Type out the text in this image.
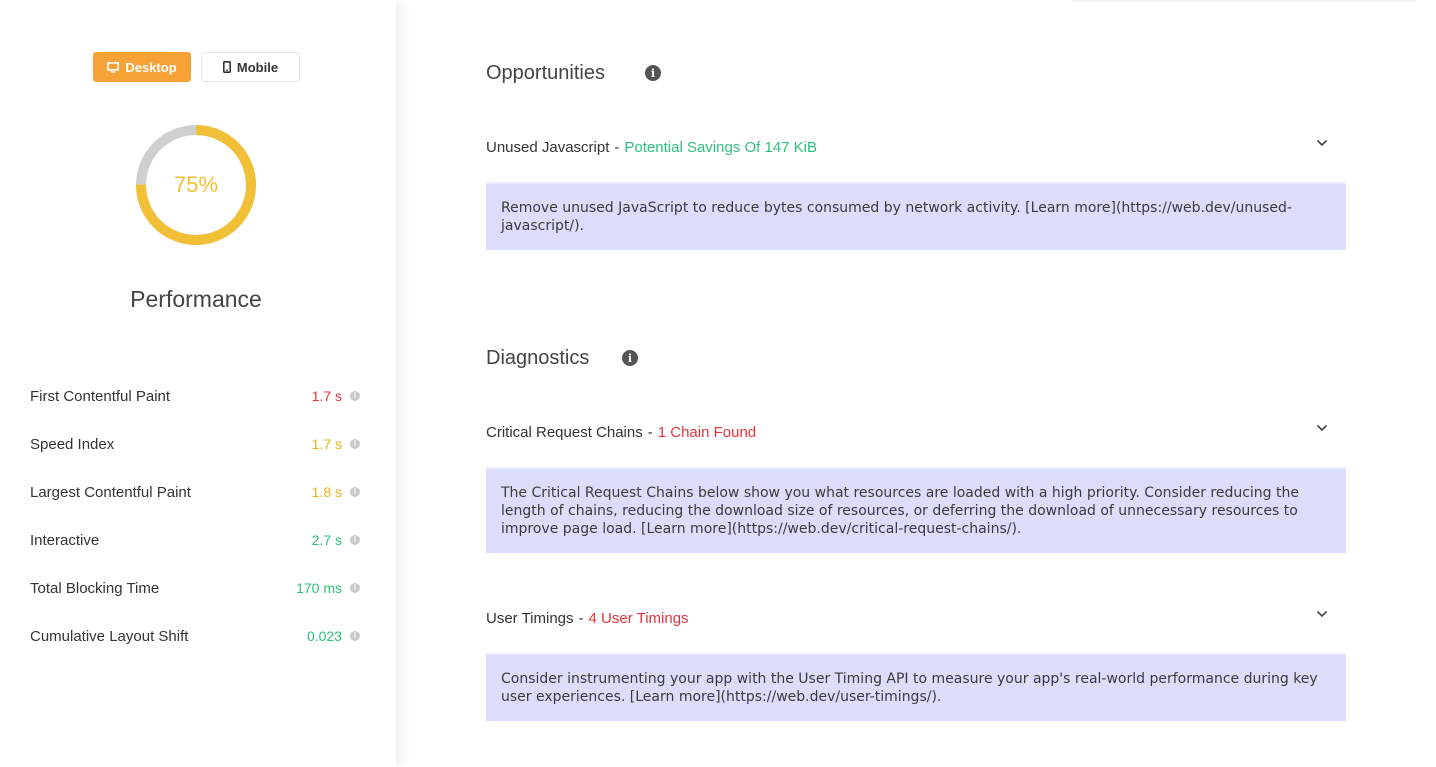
Desktop	Mobile
75%
Performance
First Contentful Paint	1.7 s	i
Speed Index	1.7 s	i
Largest Contentful Paint	1.8 s	i
Interactive	2.7 s	i
Total Blocking Time	170 ms	i
Cumulative Layout Shift	0.023	i
Opportunities	i
Unused Javascript - Potential Savings Of 147 KiB
Remove unused JavaScript to reduce bytes consumed by network activity. [Learn more](https://web.dev/unused-javascript/).
Diagnostics	i
Critical Request Chains - 1 Chain Found
The Critical Request Chains below show you what resources are loaded with a high priority. Consider reducing the length of chains, reducing the download size of resources, or deferring the download of unnecessary resources to improve page load. [Learn more](https://web.dev/critical-request-chains/).
User Timings - 4 User Timings
Consider instrumenting your app with the User Timing API to measure your app's real-world performance during key user experiences. [Learn more](https://web.dev/user-timings/).
